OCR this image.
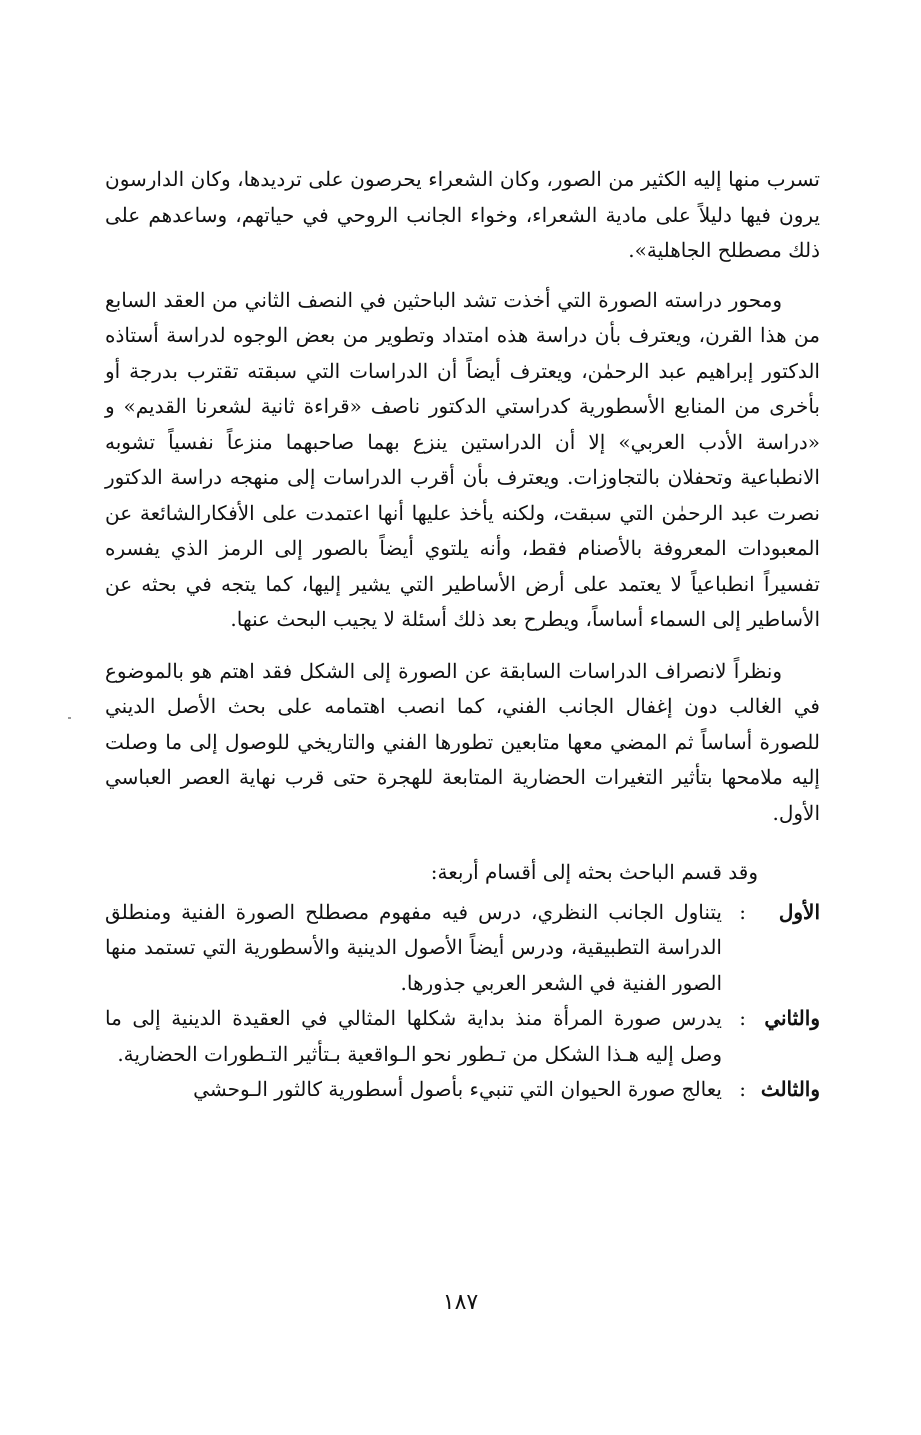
تسرب منها إليه الكثير من الصور، وكان الشعراء يحرصون على ترديدها، وكان الدارسون يرون فيها دليلاً على مادية الشعراء، وخواء الجانب الروحي في حياتهم، وساعدهم على ذلك مصطلح الجاهلية».

ومحور دراسته الصورة التي أخذت تشد الباحثين في النصف الثاني من العقد السابع من هذا القرن، ويعترف بأن دراسة هذه امتداد وتطوير من بعض الوجوه لدراسة أستاذه الدكتور إبراهيم عبد الرحمٰن، ويعترف أيضاً أن الدراسات التي سبقته تقترب بدرجة أو بأخرى من المنابع الأسطورية كدراستي الدكتور ناصف «قراءة ثانية لشعرنا القديم» و «دراسة الأدب العربي» إلا أن الدراستين ينزع بهما صاحبهما منزعاً نفسياً تشوبه الانطباعية وتحفلان بالتجاوزات. ويعترف بأن أقرب الدراسات إلى منهجه دراسة الدكتور نصرت عبد الرحمٰن التي سبقت، ولكنه يأخذ عليها أنها اعتمدت على الأفكارالشائعة عن المعبودات المعروفة بالأصنام فقط، وأنه يلتوي أيضاً بالصور إلى الرمز الذي يفسره تفسيراً انطباعياً لا يعتمد على أرض الأساطير التي يشير إليها، كما يتجه في بحثه عن الأساطير إلى السماء أساساً، ويطرح بعد ذلك أسئلة لا يجيب البحث عنها.

ونظراً لانصراف الدراسات السابقة عن الصورة إلى الشكل فقد اهتم هو بالموضوع في الغالب دون إغفال الجانب الفني، كما انصب اهتمامه على بحث الأصل الديني للصورة أساساً ثم المضي معها متابعين تطورها الفني والتاريخي للوصول إلى ما وصلت إليه ملامحها بتأثير التغيرات الحضارية المتابعة للهجرة حتى قرب نهاية العصر العباسي الأول.

وقد قسم الباحث بحثه إلى أقسام أربعة:

الأول
:
يتناول الجانب النظري، درس فيه مفهوم مصطلح الصورة الفنية ومنطلق الدراسة التطبيقية، ودرس أيضاً الأصول الدينية والأسطورية التي تستمد منها الصور الفنية في الشعر العربي جذورها.
والثاني
:
يدرس صورة المرأة منذ بداية شكلها المثالي في العقيدة الدينية إلى ما وصل إليه هـذا الشكل من تـطور نحو الـواقعية بـتأثير التـطورات الحضارية.
والثالث
:
يعالج صورة الحيوان التي تنبيء بأصول أسطورية كالثور الـوحشي
١٨٧
